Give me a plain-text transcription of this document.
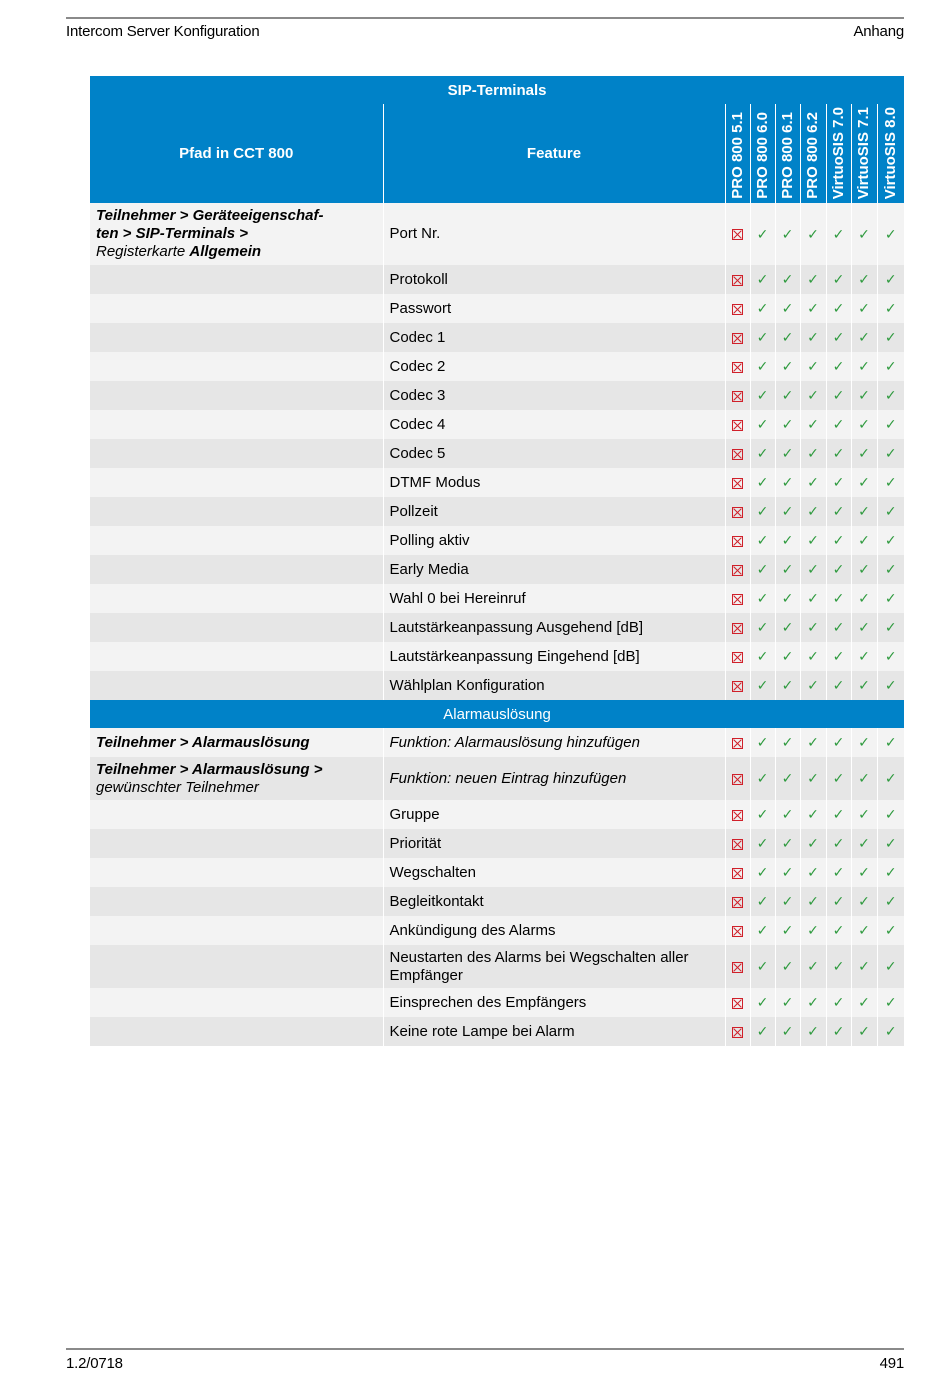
Intercom Server Konfiguration	Anhang
SIP-Terminals								
Pfad in CCT 800	Feature	PRO 800 5.1	PRO 800 6.0	PRO 800 6.1	PRO 800 6.2	VirtuoSIS 7.0	VirtuoSIS 7.1	VirtuoSIS 8.0

Teilnehmer > Geräteeigenschaf-
ten > SIP-Terminals >
Registerkarte Allgemein	Port Nr.		✓	✓	✓	✓	✓	✓
	Protokoll		✓	✓	✓	✓	✓	✓
	Passwort		✓	✓	✓	✓	✓	✓
	Codec 1		✓	✓	✓	✓	✓	✓
	Codec 2		✓	✓	✓	✓	✓	✓
	Codec 3		✓	✓	✓	✓	✓	✓
	Codec 4		✓	✓	✓	✓	✓	✓
	Codec 5		✓	✓	✓	✓	✓	✓
	DTMF Modus		✓	✓	✓	✓	✓	✓
	Pollzeit		✓	✓	✓	✓	✓	✓
	Polling aktiv		✓	✓	✓	✓	✓	✓
	Early Media		✓	✓	✓	✓	✓	✓
	Wahl 0 bei Hereinruf		✓	✓	✓	✓	✓	✓
	Lautstärkeanpassung Ausgehend [dB]		✓	✓	✓	✓	✓	✓
	Lautstärkeanpassung Eingehend [dB]		✓	✓	✓	✓	✓	✓
	Wählplan Konfiguration		✓	✓	✓	✓	✓	✓
Alarmauslösung								
Teilnehmer > Alarmauslösung	Funktion: Alarmauslösung hinzufügen		✓	✓	✓	✓	✓	✓
Teilnehmer > Alarmauslösung >
gewünschter Teilnehmer	Funktion: neuen Eintrag hinzufügen		✓	✓	✓	✓	✓	✓
	Gruppe		✓	✓	✓	✓	✓	✓
	Priorität		✓	✓	✓	✓	✓	✓
	Wegschalten		✓	✓	✓	✓	✓	✓
	Begleitkontakt		✓	✓	✓	✓	✓	✓
	Ankündigung des Alarms		✓	✓	✓	✓	✓	✓
	Neustarten des Alarms bei Wegschalten aller Empfänger		✓	✓	✓	✓	✓	✓
	Einsprechen des Empfängers		✓	✓	✓	✓	✓	✓
	Keine rote Lampe bei Alarm		✓	✓	✓	✓	✓	✓
1.2/0718	491
